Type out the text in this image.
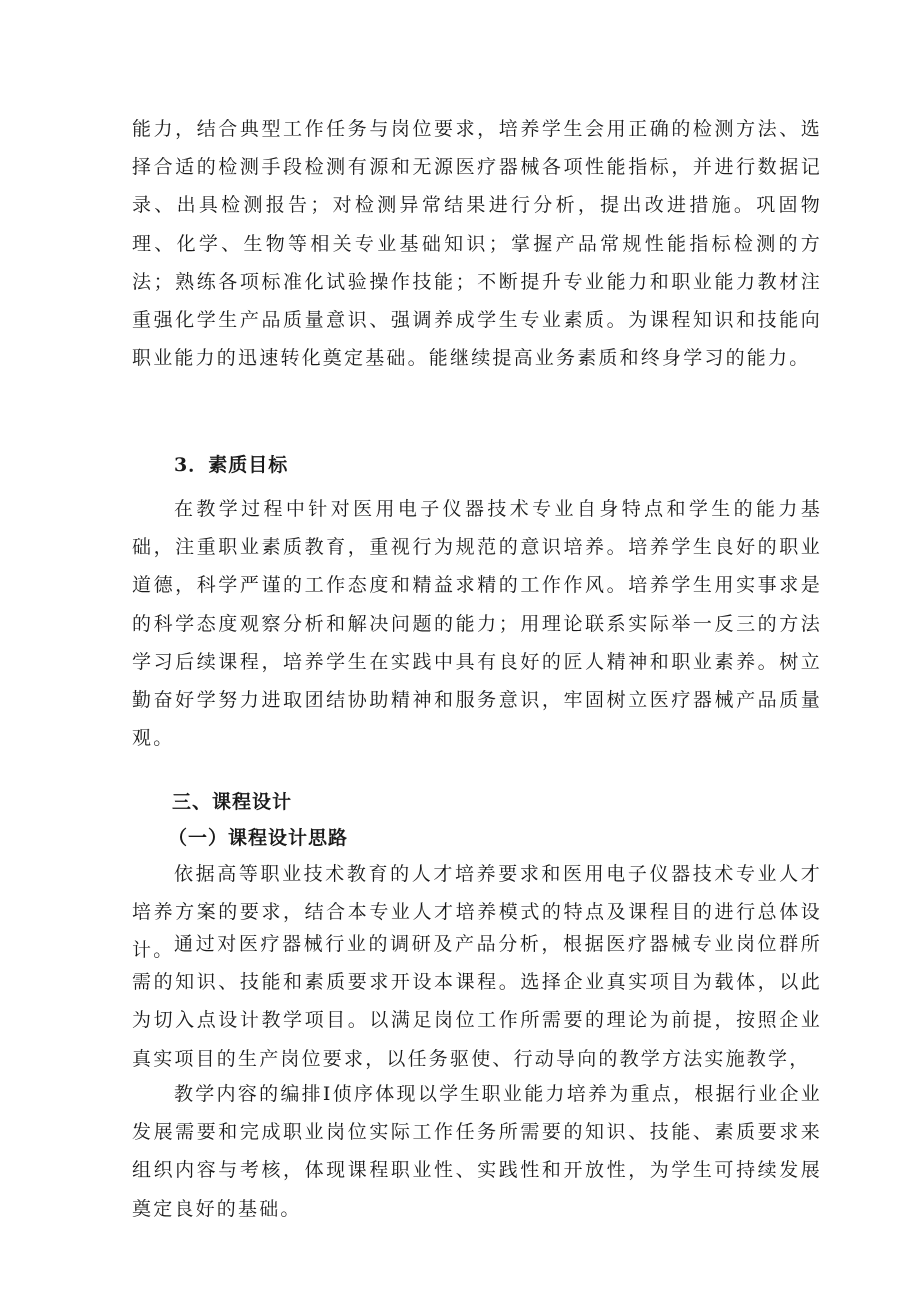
能力，结合典型工作任务与岗位要求，培养学生会用正确的检测方法、选择合适的检测手段检测有源和无源医疗器械各项性能指标，并进行数据记录、出具检测报告；对检测异常结果进行分析，提出改进措施。巩固物理、化学、生物等相关专业基础知识；掌握产品常规性能指标检测的方法；熟练各项标准化试验操作技能；不断提升专业能力和职业能力教材注重强化学生产品质量意识、强调养成学生专业素质。为课程知识和技能向职业能力的迅速转化奠定基础。能继续提高业务素质和终身学习的能力。

3．素质目标

在教学过程中针对医用电子仪器技术专业自身特点和学生的能力基础，注重职业素质教育，重视行为规范的意识培养。培养学生良好的职业道德，科学严谨的工作态度和精益求精的工作作风。培养学生用实事求是的科学态度观察分析和解决问题的能力；用理论联系实际举一反三的方法学习后续课程，培养学生在实践中具有良好的匠人精神和职业素养。树立勤奋好学努力进取团结协助精神和服务意识，牢固树立医疗器械产品质量观。

三、课程设计
（一）课程设计思路

依据高等职业技术教育的人才培养要求和医用电子仪器技术专业人才培养方案的要求，结合本专业人才培养模式的特点及课程目的进行总体设计。 通过对医疗器械行业的调研及产品分析，根据医疗器械专业岗位群所需的知识、技能和素质要求开设本课程。选择企业真实项目为载体，以此为切入点设计教学项目。以满足岗位工作所需要的理论为前提，按照企业真实项目的生产岗位要求，以任务驱使、行动导向的教学方法实施教学，

教学内容的编排I侦序体现以学生职业能力培养为重点，根据行业企业发展需要和完成职业岗位实际工作任务所需要的知识、技能、素质要求来组织内容与考核，体现课程职业性、实践性和开放性，为学生可持续发展奠定良好的基础。
